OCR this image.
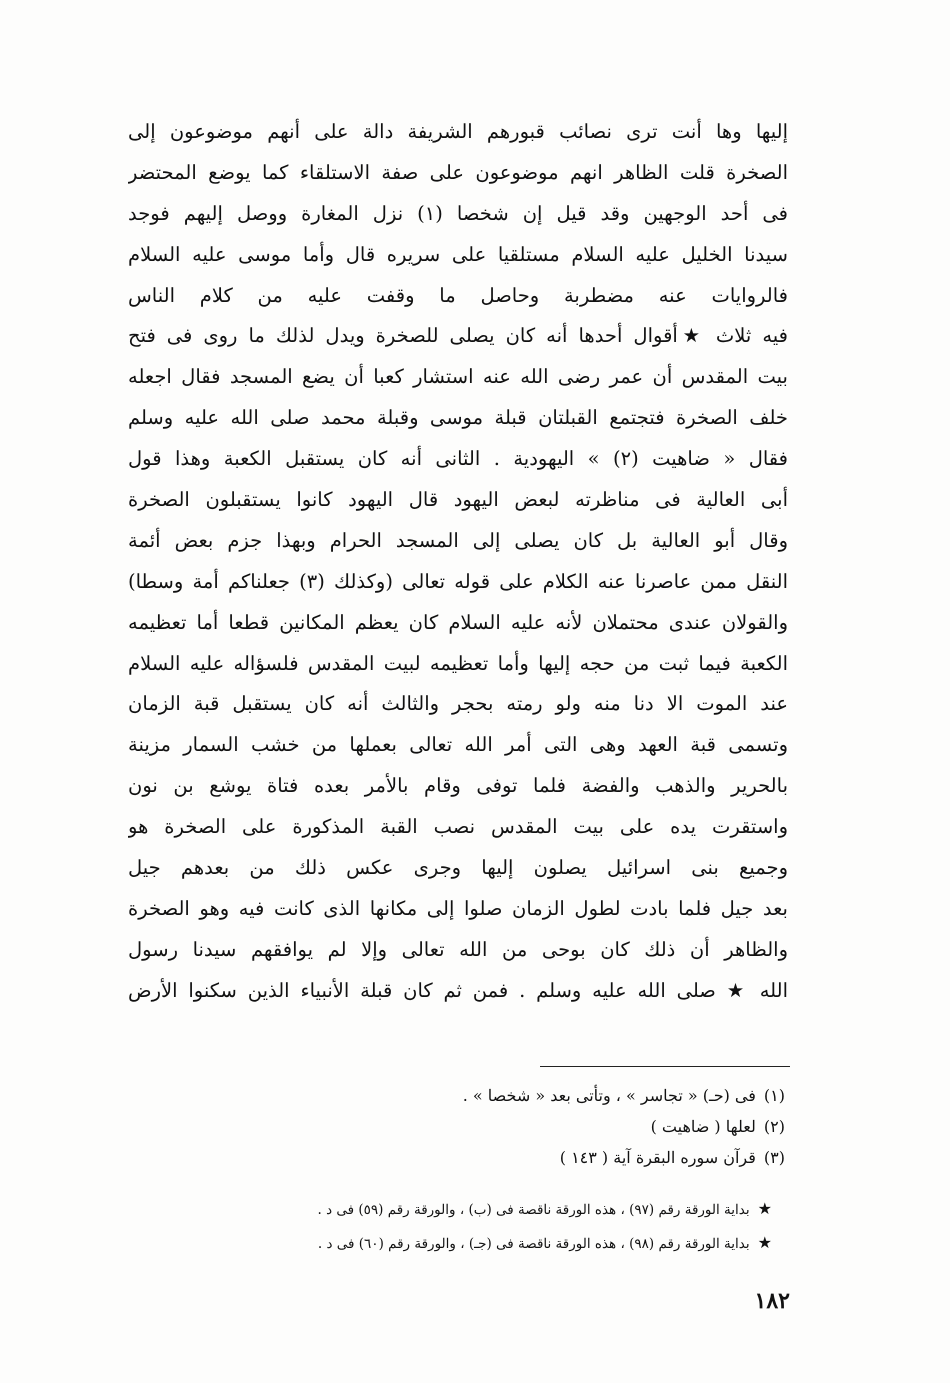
إليها وها أنت ترى نصائب قبورهم الشريفة دالة على أنهم موضوعون إلى
الصخرة قلت الظاهر انهم موضوعون على صفة الاستلقاء كما يوضع المحتضر
فى أحد الوجهين وقد قيل إن شخصا (١) نزل المغارة ووصل إليهم فوجد
سيدنا الخليل عليه السلام مستلقيا على سريره قال وأما موسى عليه السلام
فالروايات عنه مضطربة وحاصل ما وقفت عليه من كلام الناس
فيه ثلاث ★أقوال أحدها أنه كان يصلى للصخرة ويدل لذلك ما روى فى فتح
بيت المقدس أن عمر رضى الله عنه استشار كعبا أن يضع المسجد فقال اجعله
خلف الصخرة فتجتمع القبلتان قبلة موسى وقبلة محمد صلى الله عليه وسلم
فقال « ضاهيت (٢) » اليهودية . الثانى أنه كان يستقبل الكعبة وهذا قول
أبى العالية فى مناظرته لبعض اليهود قال اليهود كانوا يستقبلون الصخرة
وقال أبو العالية بل كان يصلى إلى المسجد الحرام وبهذا جزم بعض أئمة
النقل ممن عاصرنا عنه الكلام على قوله تعالى (وكذلك (٣) جعلناكم أمة وسطا)
والقولان عندى محتملان لأنه عليه السلام كان يعظم المكانين قطعا أما تعظيمه
الكعبة فيما ثبت من حجه إليها وأما تعظيمه لبيت المقدس فلسؤاله عليه السلام
عند الموت الا دنا منه ولو رمته بحجر والثالث أنه كان يستقبل قبة الزمان
وتسمى قبة العهد وهى التى أمر الله تعالى بعملها من خشب السمار مزينة
بالحرير والذهب والفضة فلما توفى وقام بالأمر بعده فتاة يوشع بن نون
واستقرت يده على بيت المقدس نصب القبة المذكورة على الصخرة هو
وجميع بنى اسرائيل يصلون إليها وجرى عكس ذلك من بعدهم جيل
بعد جيل فلما بادت لطول الزمان صلوا إلى مكانها الذى كانت فيه وهو الصخرة
والظاهر أن ذلك كان بوحى من الله تعالى وإلا لم يوافقهم سيدنا رسول
الله ★ صلى الله عليه وسلم . فمن ثم كان قبلة الأنبياء الذين سكنوا الأرض
(١)فى (حـ) « تجاسر » ، وتأتى بعد « شخصا » .
(٢)لعلها ( ضاهيت )
(٣)قرآن سوره البقرة آية ( ١٤٣ )
★بداية الورقة رقم (٩٧) ، هذه الورقة ناقصة فى (ب) ، والورقة رقم (٥٩) فى د .
★بداية الورقة رقم (٩٨) ، هذه الورقة ناقصة فى (جـ) ، والورقة رقم (٦٠) فى د .
١٨٢
